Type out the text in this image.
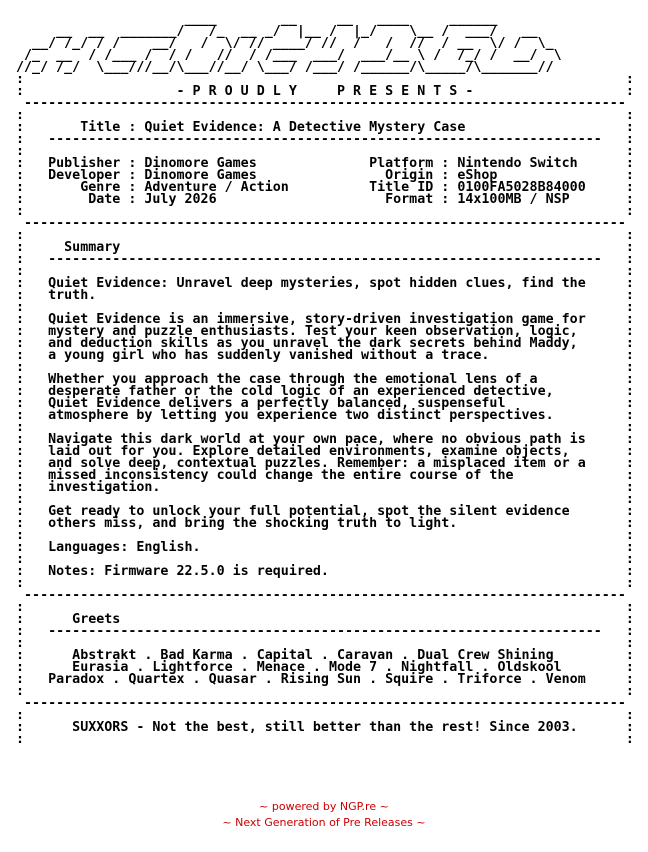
____        __     __   ____     ______
__  __  _______/   /_  __ _/  |__ /  |_/    \__ /  ___/   __
__/ /_/ / /    __/   /  \/ // ____/ //  /   /  //  / __  \/ /  \_
/_  __  / /___ /  / /   //  / /___  ___/  ___/__ \ /  /_/ /  __/  \
//_/ /_/  \___///__/\___//__/ \___/ /___/ /______/\_____/\_______//
:                                                                           :
:                   - P R O U D L Y     P R E S E N T S -                   :
---------------------------------------------------------------------------
:                                                                           :
:       Title : Quiet Evidence: A Detective Mystery Case                    :
:   ---------------------------------------------------------------------   :
:                                                                           :
:   Publisher : Dinomore Games              Platform : Nintendo Switch      :
:   Developer : Dinomore Games                Origin : eShop                :
:       Genre : Adventure / Action          Title ID : 0100FA5028B84000     :
:        Date : July 2026                     Format : 14x100MB / NSP       :
:                                                                           :
---------------------------------------------------------------------------
:                                                                           :
:     Summary                                                               :
:   ---------------------------------------------------------------------   :
:                                                                           :
:   Quiet Evidence: Unravel deep mysteries, spot hidden clues, find the     :
:   truth.                                                                  :
:                                                                           :
:   Quiet Evidence is an immersive, story-driven investigation game for     :
:   mystery and puzzle enthusiasts. Test your keen observation, logic,      :
:   and deduction skills as you unravel the dark secrets behind Maddy,      :
:   a young girl who has suddenly vanished without a trace.                 :
:                                                                           :
:   Whether you approach the case through the emotional lens of a           :
:   desperate father or the cold logic of an experienced detective,         :
:   Quiet Evidence delivers a perfectly balanced, suspenseful               :
:   atmosphere by letting you experience two distinct perspectives.         :
:                                                                           :
:   Navigate this dark world at your own pace, where no obvious path is     :
:   laid out for you. Explore detailed environments, examine objects,       :
:   and solve deep, contextual puzzles. Remember: a misplaced item or a     :
:   missed inconsistency could change the entire course of the              :
:   investigation.                                                          :
:                                                                           :
:   Get ready to unlock your full potential, spot the silent evidence       :
:   others miss, and bring the shocking truth to light.                     :
:                                                                           :
:   Languages: English.                                                     :
:                                                                           :
:   Notes: Firmware 22.5.0 is required.                                     :
:                                                                           :
---------------------------------------------------------------------------
:                                                                           :
:      Greets                                                               :
:   ---------------------------------------------------------------------   :
:                                                                           :
:      Abstrakt . Bad Karma . Capital . Caravan . Dual Crew Shining         :
:      Eurasia . Lightforce . Menace . Mode 7 . Nightfall . Oldskool        :
:   Paradox . Quartex . Quasar . Rising Sun . Squire . Triforce . Venom     :
:                                                                           :
---------------------------------------------------------------------------
:                                                                           :
:      SUXXORS - Not the best, still better than the rest! Since 2003.      :
:                                                                           :
~ powered by NGP.re ~
~ Next Generation of Pre Releases ~
